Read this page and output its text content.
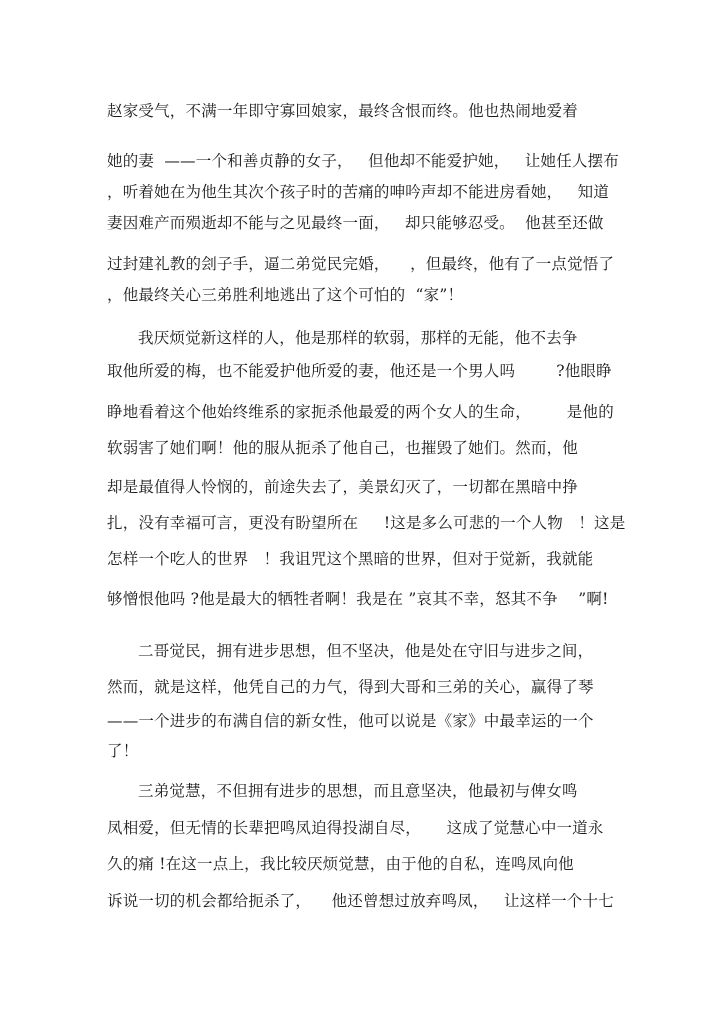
赵家受气，不满一年即守寡回娘家，最终含恨而终。他也热闹地爱着
她的妻  ——一个和善贞静的女子，   但他却不能爱护她，   让她任人摆布
，听着她在为他生其次个孩子时的苦痛的呻吟声却不能进房看她，   知道
妻因难产而殒逝却不能与之见最终一面，   却只能够忍受。  他甚至还做
过封建礼教的刽子手，逼二弟觉民完婚，    ，但最终，他有了一点觉悟了
，他最终关心三弟胜利地逃出了这个可怕的  “家”！
我厌烦觉新这样的人，他是那样的软弱，那样的无能，他不去争
取他所爱的梅，也不能爱护他所爱的妻，他还是一个男人吗        ?他眼睁
睁地看着这个他始终维系的家扼杀他最爱的两个女人的生命，       是他的
软弱害了她们啊！他的服从扼杀了他自己，也摧毁了她们。然而，他
却是最值得人怜悯的，前途失去了，美景幻灭了，一切都在黑暗中挣
扎，没有幸福可言，更没有盼望所在     !这是多么可悲的一个人物   ！这是
怎样一个吃人的世界   ！我诅咒这个黑暗的世界，但对于觉新，我就能
够憎恨他吗 ?他是最大的牺牲者啊！我是在 ”哀其不幸，怒其不争    ”啊!
二哥觉民，拥有进步思想，但不坚决，他是处在守旧与进步之间，
然而，就是这样，他凭自己的力气，得到大哥和三弟的关心，赢得了琴
——一个进步的布满自信的新女性，他可以说是《家》中最幸运的一个
了！
三弟觉慧，不但拥有进步的思想，而且意坚决，他最初与俾女鸣
凤相爱，但无情的长辈把鸣凤迫得投湖自尽，     这成了觉慧心中一道永
久的痛 !在这一点上，我比较厌烦觉慧，由于他的自私，连鸣凤向他
诉说一切的机会都给扼杀了，    他还曾想过放弃鸣凤，   让这样一个十七
